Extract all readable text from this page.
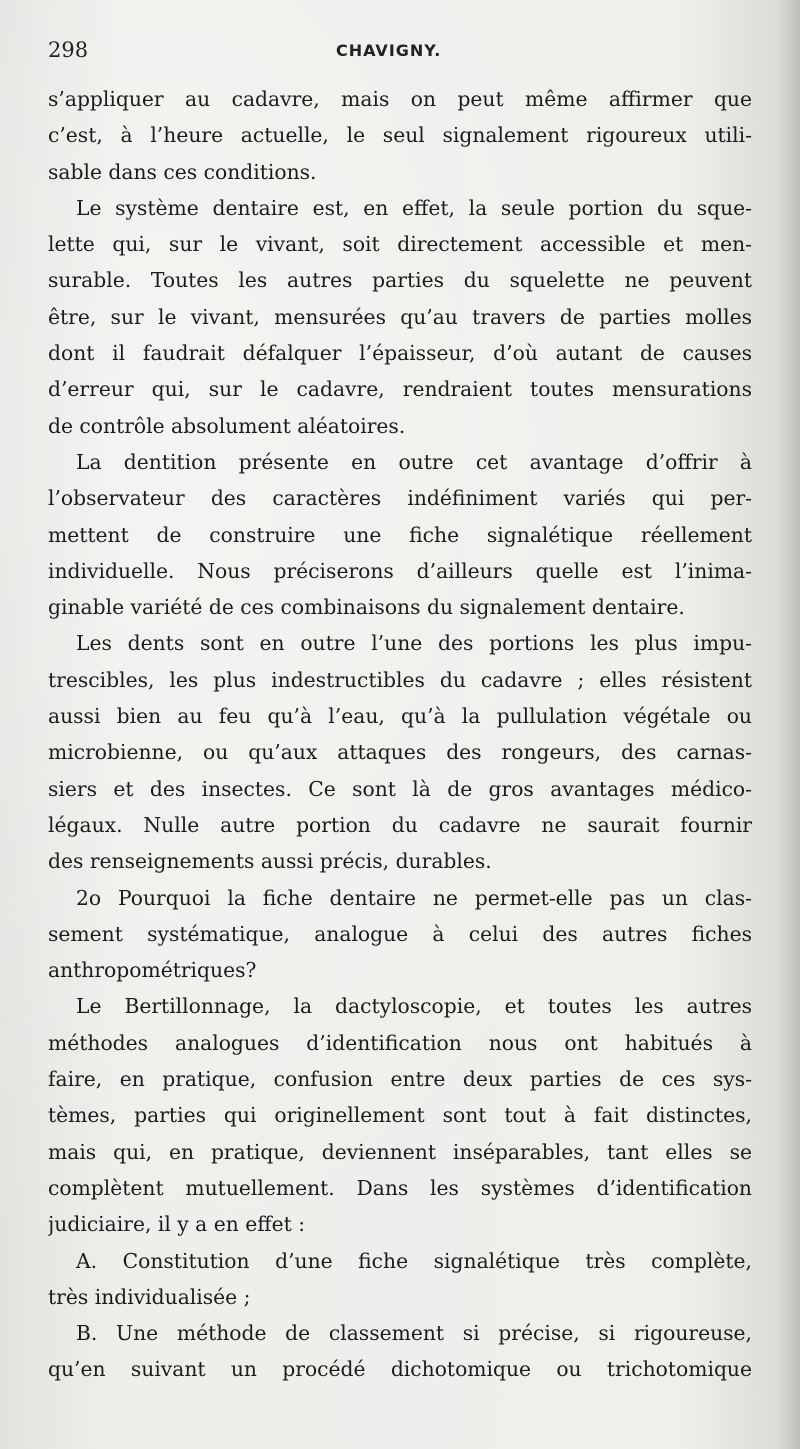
298	CHAVIGNY.
s’appliquer au cadavre, mais on peut même affirmer que
c’est, à l’heure actuelle, le seul signalement rigoureux utili-
sable dans ces conditions.
Le système dentaire est, en effet, la seule portion du sque-
lette qui, sur le vivant, soit directement accessible et men-
surable. Toutes les autres parties du squelette ne peuvent
être, sur le vivant, mensurées qu’au travers de parties molles
dont il faudrait défalquer l’épaisseur, d’où autant de causes
d’erreur qui, sur le cadavre, rendraient toutes mensurations
de contrôle absolument aléatoires.
La dentition présente en outre cet avantage d’offrir à
l’observateur des caractères indéfiniment variés qui per-
mettent de construire une fiche signalétique réellement
individuelle. Nous préciserons d’ailleurs quelle est l’inima-
ginable variété de ces combinaisons du signalement dentaire.
Les dents sont en outre l’une des portions les plus impu-
trescibles, les plus indestructibles du cadavre ; elles résistent
aussi bien au feu qu’à l’eau, qu’à la pullulation végétale ou
microbienne, ou qu’aux attaques des rongeurs, des carnas-
siers et des insectes. Ce sont là de gros avantages médico-
légaux. Nulle autre portion du cadavre ne saurait fournir
des renseignements aussi précis, durables.
2o Pourquoi la fiche dentaire ne permet-elle pas un clas-
sement systématique, analogue à celui des autres fiches
anthropométriques?
Le Bertillonnage, la dactyloscopie, et toutes les autres
méthodes analogues d’identification nous ont habitués à
faire, en pratique, confusion entre deux parties de ces sys-
tèmes, parties qui originellement sont tout à fait distinctes,
mais qui, en pratique, deviennent inséparables, tant elles se
complètent mutuellement. Dans les systèmes d’identification
judiciaire, il y a en effet :
A. Constitution d’une fiche signalétique très complète,
très individualisée ;
B. Une méthode de classement si précise, si rigoureuse,
qu’en suivant un procédé dichotomique ou trichotomique
